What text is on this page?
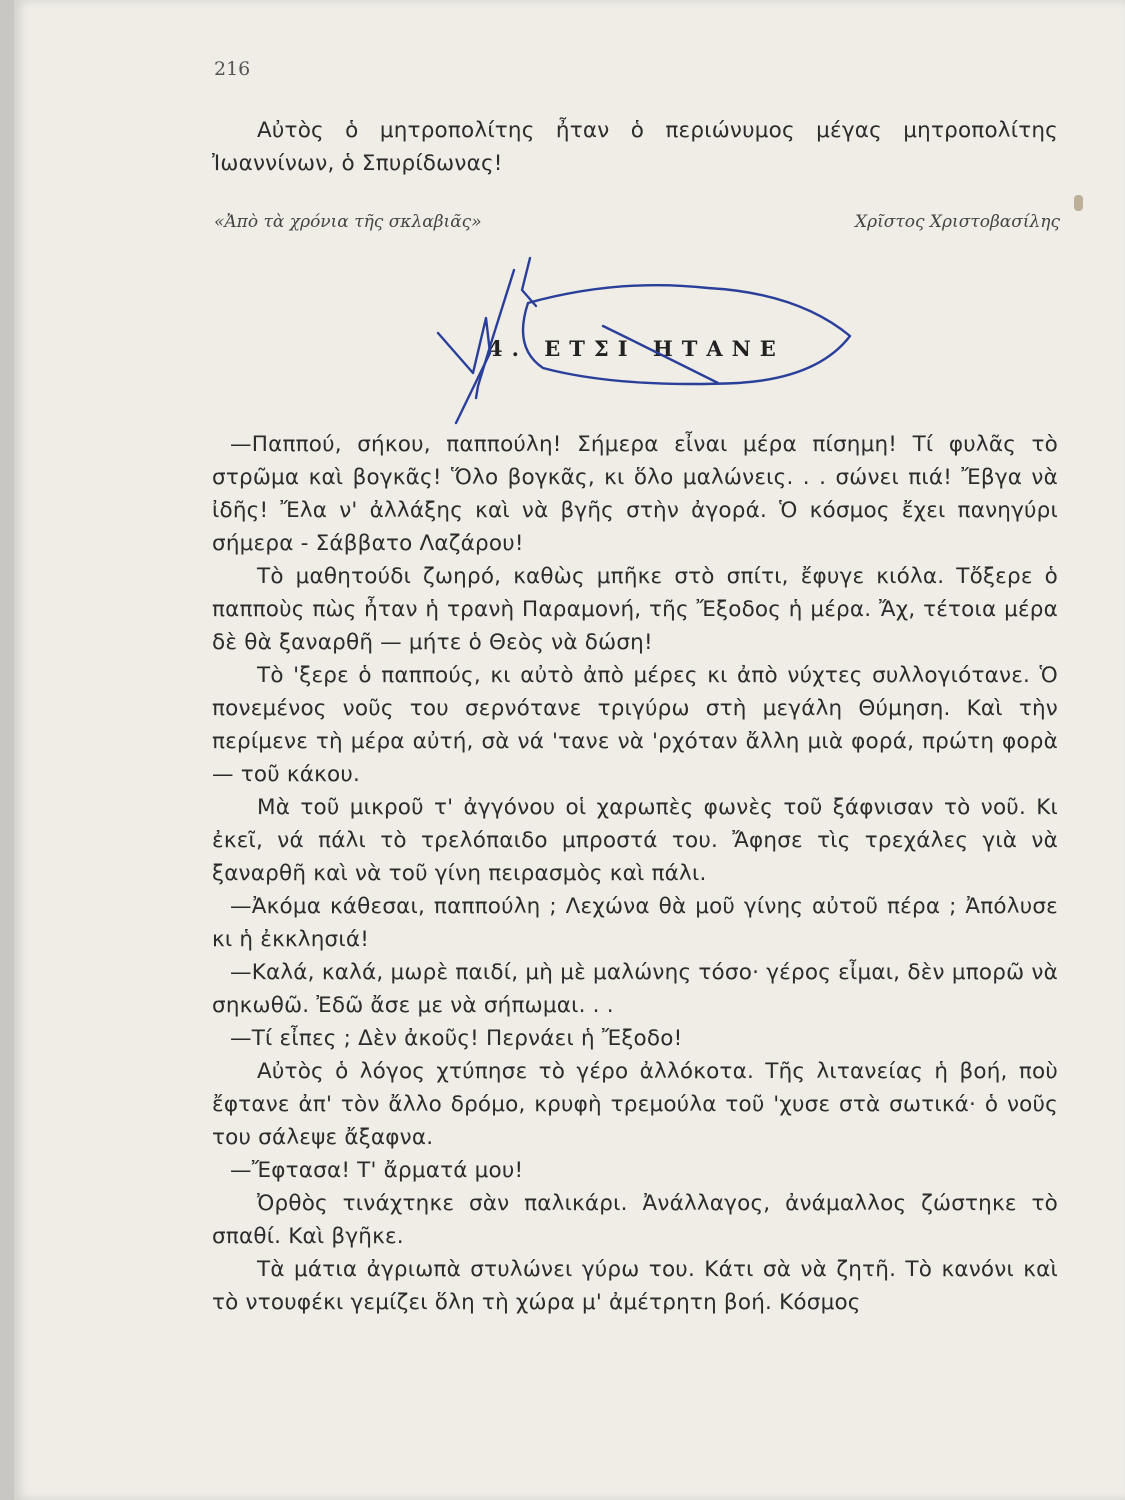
216

Αὐτὸς ὁ μητροπολίτης ἦταν ὁ περιώνυμος μέγας μητροπολίτης Ἰωαννίνων, ὁ Σπυρίδωνας!

«Ἀπὸ τὰ χρόνια τῆς σκλαβιᾶς»	Χρῖστος Χριστοβασίλης
4. ΕΤΣΙ ΗΤΑΝΕ

—Παππού, σήκου, παππούλη! Σήμερα εἶναι μέρα πίσημη! Τί φυλᾶς τὸ στρῶμα καὶ βογκᾶς! Ὅλο βογκᾶς, κι ὅλο μαλώνεις. . . σώνει πιά! Ἔβγα νὰ ἰδῆς! Ἔλα ν' ἀλλάξης καὶ νὰ βγῆς στὴν ἀγορά. Ὁ κόσμος ἔχει πανηγύρι σήμερα - Σάββατο Λαζάρου!

Τὸ μαθητούδι ζωηρό, καθὼς μπῆκε στὸ σπίτι, ἔφυγε κιόλα. Τὄξερε ὁ παπποὺς πὼς ἦταν ἡ τρανὴ Παραμονή, τῆς Ἔξοδος ἡ μέρα. Ἄχ, τέτοια μέρα δὲ θὰ ξαναρθῆ — μήτε ὁ Θεὸς νὰ δώση!

Τὸ 'ξερε ὁ παππούς, κι αὐτὸ ἀπὸ μέρες κι ἀπὸ νύχτες συλλογιότανε. Ὁ πονεμένος νοῦς του σερνότανε τριγύρω στὴ μεγάλη Θύμηση. Καὶ τὴν περίμενε τὴ μέρα αὐτή, σὰ νά 'τανε νὰ 'ρχόταν ἄλλη μιὰ φορά, πρώτη φορὰ — τοῦ κάκου.

Μὰ τοῦ μικροῦ τ' ἀγγόνου οἱ χαρωπὲς φωνὲς τοῦ ξάφνισαν τὸ νοῦ. Κι ἐκεῖ, νά πάλι τὸ τρελόπαιδο μπροστά του. Ἄφησε τὶς τρεχάλες γιὰ νὰ ξαναρθῆ καὶ νὰ τοῦ γίνη πειρασμὸς καὶ πάλι.

—Ἀκόμα κάθεσαι, παππούλη ; Λεχώνα θὰ μοῦ γίνης αὐτοῦ πέρα ; Ἀπόλυσε κι ἡ ἐκκλησιά!

—Καλά, καλά, μωρὲ παιδί, μὴ μὲ μαλώνης τόσο· γέρος εἶμαι, δὲν μπορῶ νὰ σηκωθῶ. Ἐδῶ ἄσε με νὰ σήπωμαι. . .

—Τί εἶπες ; Δὲν ἀκοῦς! Περνάει ἡ Ἔξοδο!

Αὐτὸς ὁ λόγος χτύπησε τὸ γέρο ἀλλόκοτα. Τῆς λιτανείας ἡ βοή, ποὺ ἔφτανε ἀπ' τὸν ἄλλο δρόμο, κρυφὴ τρεμούλα τοῦ 'χυσε στὰ σωτικά· ὁ νοῦς του σάλεψε ἄξαφνα.

—Ἔφτασα! Τ' ἄρματά μου!

Ὀρθὸς τινάχτηκε σὰν παλικάρι. Ἀνάλλαγος, ἀνάμαλλος ζώστηκε τὸ σπαθί. Καὶ βγῆκε.

Τὰ μάτια ἀγριωπὰ στυλώνει γύρω του. Κάτι σὰ νὰ ζητῆ. Τὸ κανόνι καὶ τὸ ντουφέκι γεμίζει ὅλη τὴ χώρα μ' ἀμέτρητη βοή. Κόσμος
